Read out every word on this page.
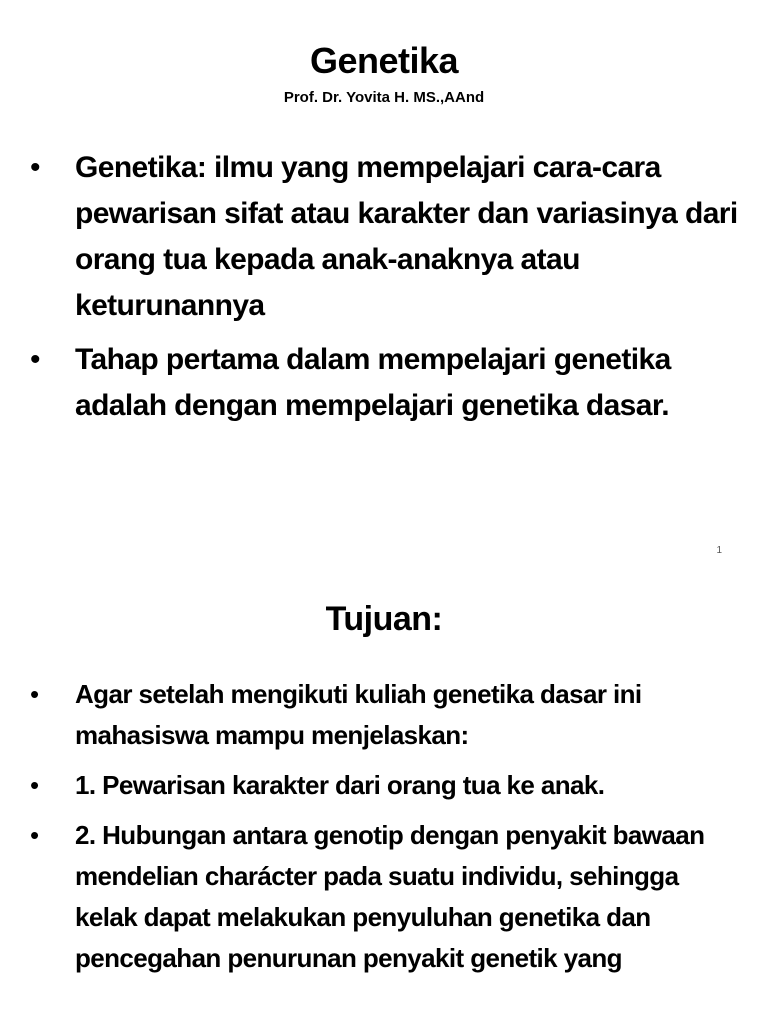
Genetika
Prof. Dr. Yovita H. MS.,AAnd
• Genetika: ilmu yang mempelajari cara-cara pewarisan sifat atau karakter dan variasinya dari orang tua kepada anak-anaknya atau keturunannya
• Tahap pertama dalam mempelajari genetika adalah dengan mempelajari genetika dasar.
1
Tujuan:
• Agar setelah mengikuti kuliah genetika dasar ini mahasiswa mampu menjelaskan:
• 1. Pewarisan karakter dari orang tua ke anak.
• 2. Hubungan antara genotip dengan penyakit bawaan mendelian charácter pada suatu individu, sehingga kelak dapat melakukan penyuluhan genetika dan pencegahan penurunan penyakit genetik yang
